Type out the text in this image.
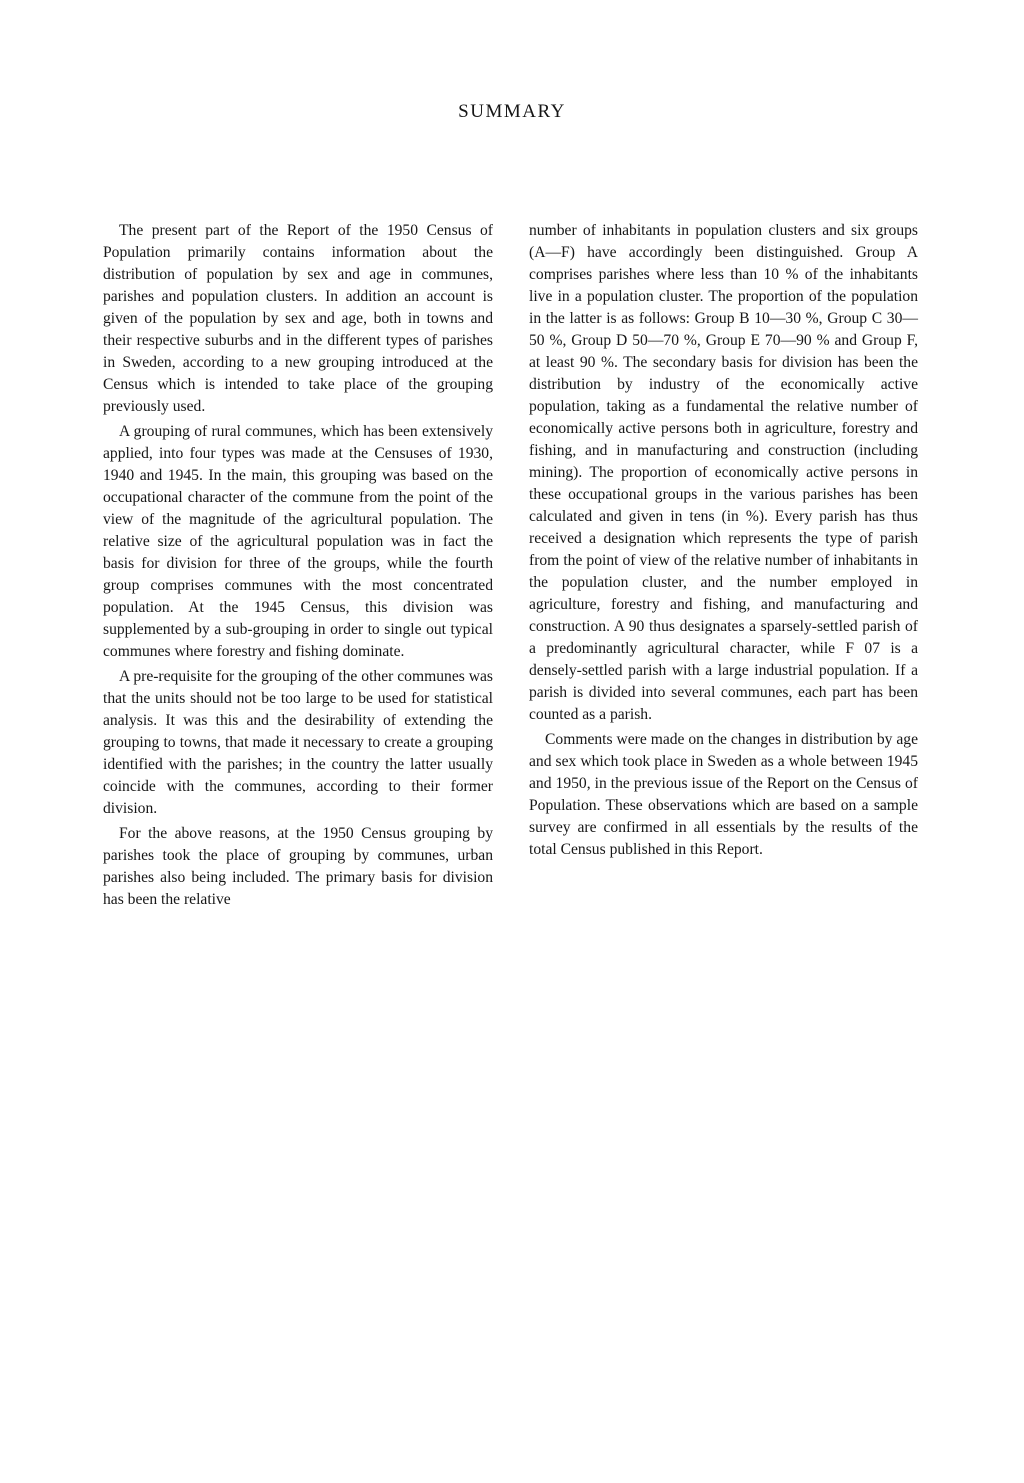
SUMMARY

The present part of the Report of the 1950 Census of Population primarily contains information about the distribution of population by sex and age in communes, parishes and population clusters. In addition an account is given of the population by sex and age, both in towns and their respective suburbs and in the different types of parishes in Sweden, according to a new grouping introduced at the Census which is intended to take place of the grouping previously used.

A grouping of rural communes, which has been extensively applied, into four types was made at the Censuses of 1930, 1940 and 1945. In the main, this grouping was based on the occupational character of the commune from the point of the view of the magnitude of the agricultural population. The relative size of the agricultural population was in fact the basis for division for three of the groups, while the fourth group comprises communes with the most concentrated population. At the 1945 Census, this division was supplemented by a sub-grouping in order to single out typical communes where forestry and fishing dominate.

A pre-requisite for the grouping of the other communes was that the units should not be too large to be used for statistical analysis. It was this and the desirability of extending the grouping to towns, that made it necessary to create a grouping identified with the parishes; in the country the latter usually coincide with the communes, according to their former division.

For the above reasons, at the 1950 Census grouping by parishes took the place of grouping by communes, urban parishes also being included. The primary basis for division has been the relative

number of inhabitants in population clusters and six groups (A—F) have accordingly been distinguished. Group A comprises parishes where less than 10 % of the inhabitants live in a population cluster. The proportion of the population in the latter is as follows: Group B 10—30 %, Group C 30—50 %, Group D 50—70 %, Group E 70—90 % and Group F, at least 90 %. The secondary basis for division has been the distribution by industry of the economically active population, taking as a fundamental the relative number of economically active persons both in agriculture, forestry and fishing, and in manufacturing and construction (including mining). The proportion of economically active persons in these occupational groups in the various parishes has been calculated and given in tens (in %). Every parish has thus received a designation which represents the type of parish from the point of view of the relative number of inhabitants in the population cluster, and the number employed in agriculture, forestry and fishing, and manufacturing and construction. A 90 thus designates a sparsely-settled parish of a predominantly agricultural character, while F 07 is a densely-settled parish with a large industrial population. If a parish is divided into several communes, each part has been counted as a parish.

Comments were made on the changes in distribution by age and sex which took place in Sweden as a whole between 1945 and 1950, in the previous issue of the Report on the Census of Population. These observations which are based on a sample survey are confirmed in all essentials by the results of the total Census published in this Report.
